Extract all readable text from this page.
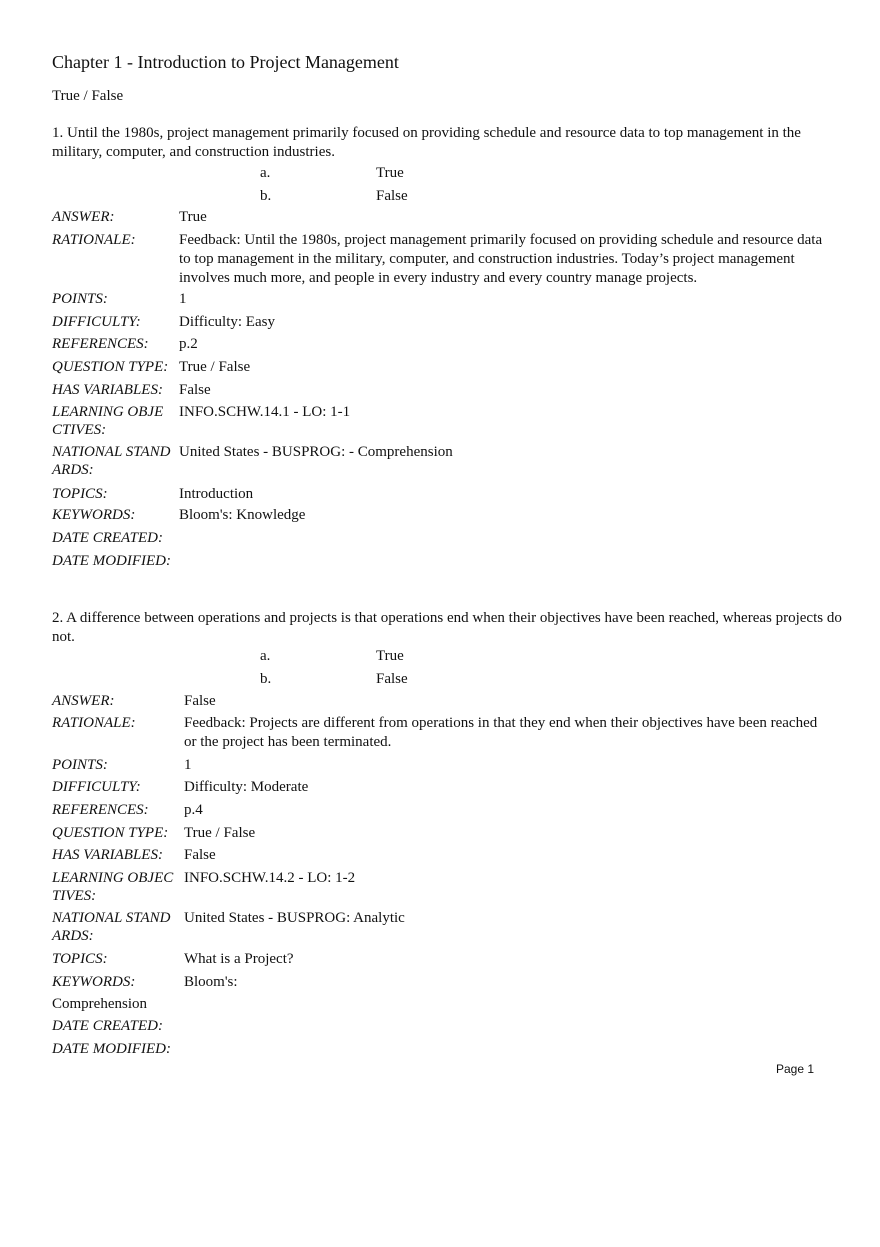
Chapter 1 - Introduction to Project Management
True / False
1. Until the 1980s, project management primarily focused on providing schedule and resource data to top management in the military, computer, and construction industries.
a.	True
b.	False
ANSWER:	True
RATIONALE:	Feedback: Until the 1980s, project management primarily focused on providing schedule and resource data to top management in the military, computer, and construction industries. Today’s project management involves much more, and people in every industry and every country manage projects.
POINTS:	1
DIFFICULTY:	Difficulty: Easy
REFERENCES: p.2
QUESTION TYPE: True / False
HAS VARIABLES: False
LEARNING OBJE
CTIVES:
INFO.SCHW.14.1 - LO: 1-1
NATIONAL STAND
ARDS:
United States - BUSPROG: - Comprehension
TOPICS:	Introduction
KEYWORDS:	Bloom's: Knowledge
DATE CREATED:
DATE MODIFIED:
2. A difference between operations and projects is that operations end when their objectives have been reached, whereas projects do not.
a.	True
b.	False
ANSWER:	False
RATIONALE:	Feedback: Projects are different from operations in that they end when their objectives have been reached or the project has been terminated.
POINTS:	1
DIFFICULTY:	Difficulty: Moderate
REFERENCES: p.4
QUESTION TYPE: True / False
HAS VARIABLES: False
LEARNING OBJEC
TIVES:
INFO.SCHW.14.2 - LO: 1-2
NATIONAL STAND
ARDS:
United States - BUSPROG: Analytic
TOPICS:	What is a Project?
KEYWORDS:	Bloom's:
Comprehension
DATE CREATED:
DATE MODIFIED:
Page 1
